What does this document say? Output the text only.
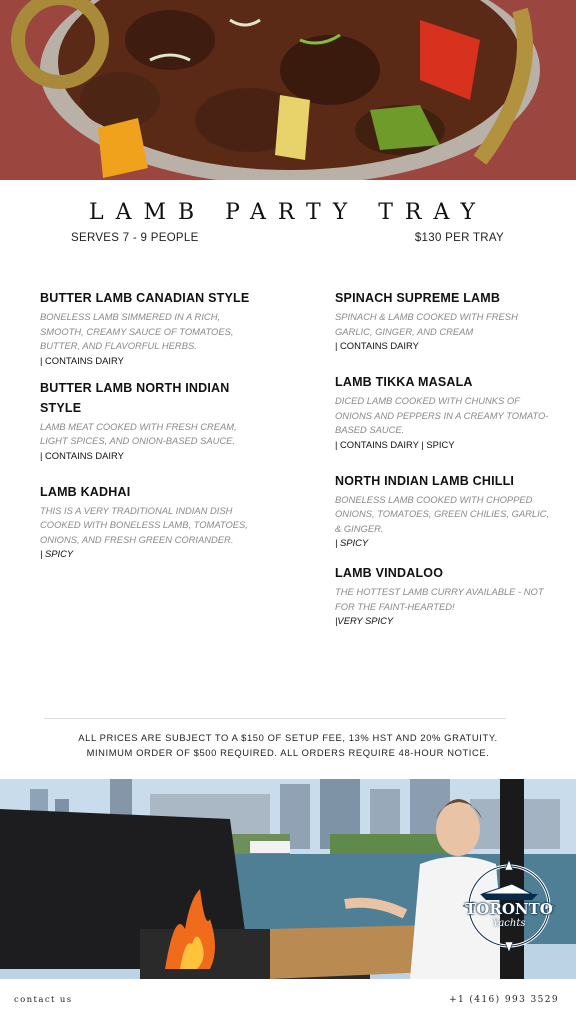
LAMB PARTY TRAY
SERVES 7 - 9 PEOPLE	$130 PER TRAY

BUTTER LAMB CANADIAN STYLE

BONELESS LAMB SIMMERED IN A RICH, SMOOTH, CREAMY SAUCE OF TOMATOES, BUTTER, AND FLAVORFUL HERBS.

| CONTAINS DAIRY

BUTTER LAMB NORTH INDIAN STYLE

LAMB MEAT COOKED WITH FRESH CREAM, LIGHT SPICES, AND ONION-BASED SAUCE.

| CONTAINS DAIRY

LAMB KADHAI

THIS IS A VERY TRADITIONAL INDIAN DISH COOKED WITH BONELESS LAMB, TOMATOES, ONIONS, AND FRESH GREEN CORIANDER.

| SPICY

SPINACH SUPREME LAMB

SPINACH & LAMB COOKED WITH FRESH GARLIC, GINGER, AND CREAM

| CONTAINS DAIRY

LAMB TIKKA MASALA

DICED LAMB COOKED WITH CHUNKS OF ONIONS AND PEPPERS IN A CREAMY TOMATO-BASED SAUCE.

| CONTAINS DAIRY | SPICY

NORTH INDIAN LAMB CHILLI

BONELESS LAMB COOKED WITH CHOPPED ONIONS, TOMATOES, GREEN CHILIES, GARLIC, & GINGER.

| SPICY

LAMB VINDALOO

THE HOTTEST LAMB CURRY AVAILABLE - NOT FOR THE FAINT-HEARTED!

|VERY SPICY

ALL PRICES ARE SUBJECT TO A $150 OF SETUP FEE, 13% HST AND 20% GRATUITY.
MINIMUM ORDER OF $500 REQUIRED. ALL ORDERS REQUIRE 48-HOUR NOTICE.
TORONTO
Yachts
contact us	+1 (416) 993 3529
